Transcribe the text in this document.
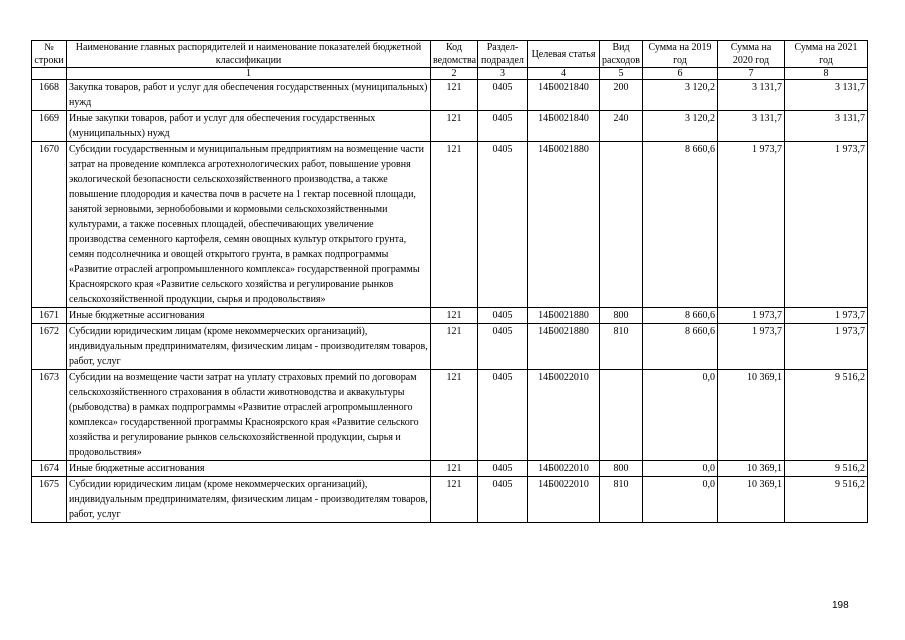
№ строки	Наименование главных распорядителей и наименование показателей бюджетной классификации	Код ведомства	Раздел-подраздел	Целевая статья	Вид расходов	Сумма на 2019 год	Сумма на 2020 год	Сумма на 2021 год
	1	2	3	4	5	6	7	8
1668	Закупка товаров, работ и услуг для обеспечения государственных (муниципальных) нужд	121	0405	14Б0021840	200	3 120,2	3 131,7	3 131,7
1669	Иные закупки товаров, работ и услуг для обеспечения государственных (муниципальных) нужд	121	0405	14Б0021840	240	3 120,2	3 131,7	3 131,7
1670	Субсидии государственным и муниципальным предприятиям на возмещение части затрат на проведение комплекса агротехнологических работ, повышение уровня экологической безопасности сельскохозяйственного производства, а также повышение плодородия и качества почв в расчете на 1 гектар посевной площади, занятой зерновыми, зернобобовыми и кормовыми сельскохозяйственными культурами, а также посевных площадей, обеспечивающих увеличение производства семенного картофеля, семян овощных культур открытого грунта, семян подсолнечника и овощей открытого грунта, в рамках подпрограммы «Развитие отраслей агропромышленного комплекса» государственной программы Красноярского края «Развитие сельского хозяйства и регулирование рынков сельскохозяйственной продукции, сырья и продовольствия»	121	0405	14Б0021880		8 660,6	1 973,7	1 973,7
1671	Иные бюджетные ассигнования	121	0405	14Б0021880	800	8 660,6	1 973,7	1 973,7
1672	Субсидии юридическим лицам (кроме некоммерческих организаций), индивидуальным предпринимателям, физическим лицам - производителям товаров, работ, услуг	121	0405	14Б0021880	810	8 660,6	1 973,7	1 973,7
1673	Субсидии на возмещение части затрат на уплату страховых премий по договорам сельскохозяйственного страхования в области животноводства и аквакультуры (рыбоводства) в рамках подпрограммы «Развитие отраслей агропромышленного комплекса» государственной программы Красноярского края «Развитие сельского хозяйства и регулирование рынков сельскохозяйственной продукции, сырья и продовольствия»	121	0405	14Б0022010		0,0	10 369,1	9 516,2
1674	Иные бюджетные ассигнования	121	0405	14Б0022010	800	0,0	10 369,1	9 516,2
1675	Субсидии юридическим лицам (кроме некоммерческих организаций), индивидуальным предпринимателям, физическим лицам - производителям товаров, работ, услуг	121	0405	14Б0022010	810	0,0	10 369,1	9 516,2
198
